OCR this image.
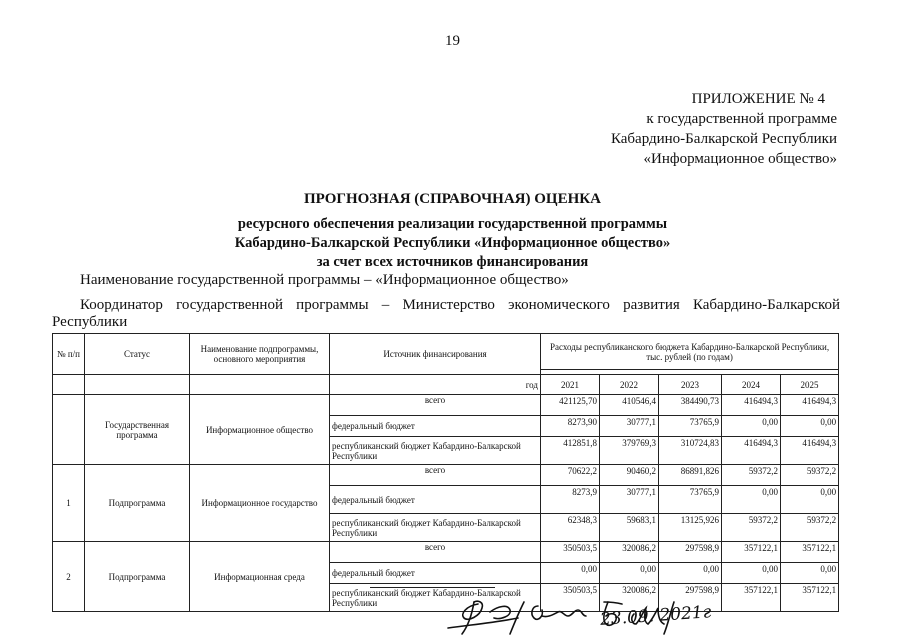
19
ПРИЛОЖЕНИЕ № 4
к государственной программе
Кабардино-Балкарской Республики
«Информационное общество»
ПРОГНОЗНАЯ (СПРАВОЧНАЯ) ОЦЕНКА
ресурсного обеспечения реализации государственной программы
Кабардино-Балкарской Республики «Информационное общество»
за счет всех источников финансирования
Наименование государственной программы – «Информационное общество»
Координатор государственной программы – Министерство экономического развития Кабардино-Балкарской
Республики
№ п/п	Статус	Наименование подпрограммы, основного мероприятия	Источник финансирования	Расходы республиканского бюджета Кабардино-Балкарской Республики, тыс. рублей (по годам)				

			год	2021	2022	2023	2024	2025
	Государственная программа	Информационное общество	всего	421125,70	410546,4	384490,73	416494,3	416494,3
			федеральный бюджет	8273,90	30777,1	73765,9	0,00	0,00
			республиканский бюджет Кабардино-Балкарской Республики	412851,8	379769,3	310724,83	416494,3	416494,3
1	Подпрограмма	Информационное государство	всего	70622,2	90460,2	86891,826	59372,2	59372,2
			федеральный бюджет	8273,9	30777,1	73765,9	0,00	0,00
			республиканский бюджет Кабардино-Балкарской Республики	62348,3	59683,1	13125,926	59372,2	59372,2
2	Подпрограмма	Информационная среда	всего	350503,5	320086,2	297598,9	357122,1	357122,1
			федеральный бюджет	0,00	0,00	0,00	0,00	0,00
			республиканский бюджет Кабардино-Балкарской Республики	350503,5	320086,2	297598,9	357122,1	357122,1
23.09. 2021г
